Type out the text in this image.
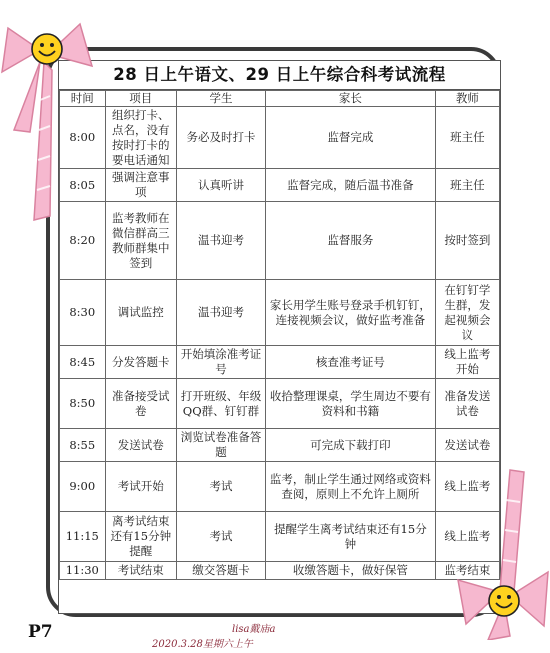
28 日上午语文、29 日上午综合科考试流程
时间	项目	学生	家长	教师
8:00	组织打卡、点名，没有按时打卡的要电话通知	务必及时打卡	监督完成	班主任
8:05	强调注意事项	认真听讲	监督完成，随后温书准备	班主任
8:20	监考教师在微信群高三教师群集中签到	温书迎考	监督服务	按时签到
8:30	调试监控	温书迎考	家长用学生账号登录手机钉钉，连接视频会议，做好监考准备	在钉钉学生群，发起视频会议
8:45	分发答题卡	开始填涂准考证号	核查准考证号	线上监考开始
8:50	准备接受试卷	打开班级、年级QQ群、钉钉群	收拾整理课桌，学生周边不要有资料和书籍	准备发送试卷
8:55	发送试卷	浏览试卷准备答题	可完成下载打印	发送试卷
9:00	考试开始	考试	监考，制止学生通过网络或资料查阅，原则上不允许上厕所	线上监考
11:15	离考试结束还有15分钟提醒	考试	提醒学生离考试结束还有15分钟	线上监考
11:30	考试结束	缴交答题卡	收缴答题卡，做好保管	监考结束
P7	lisa戴庙a
2020.3.28星期六上午
